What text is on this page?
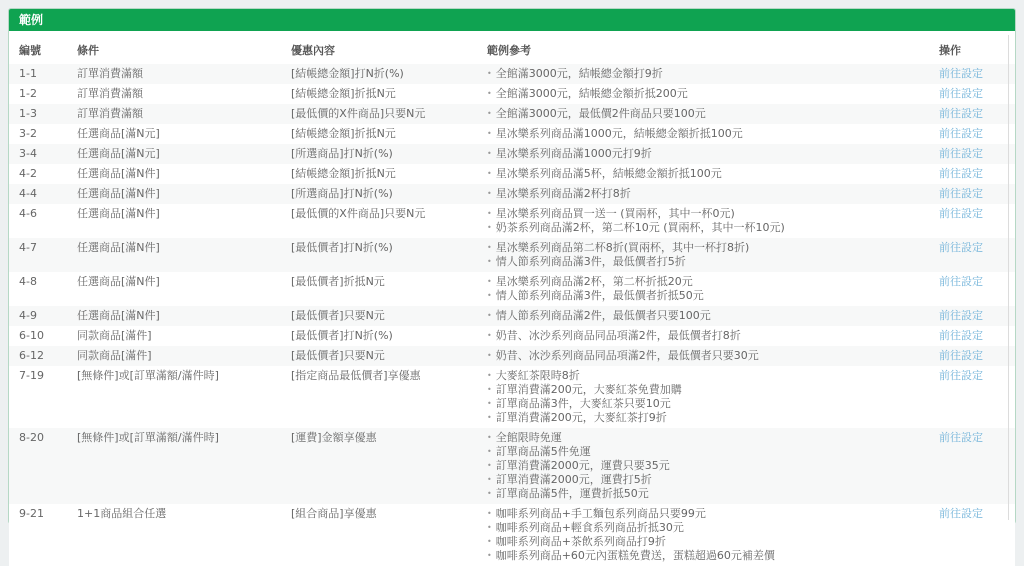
範例
編號	條件	優惠內容	範例參考	操作
1-1	訂單消費滿額	[結帳總金額]打N折(%)	• 全館滿3000元，結帳總金額打9折	前往設定
1-2	訂單消費滿額	[結帳總金額]折抵N元	• 全館滿3000元，結帳總金額折抵200元	前往設定
1-3	訂單消費滿額	[最低價的X件商品]只要N元	• 全館滿3000元，最低價2件商品只要100元	前往設定
3-2	任選商品[滿N元]	[結帳總金額]折抵N元	• 星冰樂系列商品滿1000元，結帳總金額折抵100元	前往設定
3-4	任選商品[滿N元]	[所選商品]打N折(%)	• 星冰樂系列商品滿1000元打9折	前往設定
4-2	任選商品[滿N件]	[結帳總金額]折抵N元	• 星冰樂系列商品滿5杯，結帳總金額折抵100元	前往設定
4-4	任選商品[滿N件]	[所選商品]打N折(%)	• 星冰樂系列商品滿2杯打8折	前往設定
4-6	任選商品[滿N件]	[最低價的X件商品]只要N元	• 星冰樂系列商品買一送一 (買兩杯，其中一杯0元)
• 奶茶系列商品滿2杯，第二杯10元 (買兩杯，其中一杯10元)	前往設定
4-7	任選商品[滿N件]	[最低價者]打N折(%)	• 星冰樂系列商品第二杯8折(買兩杯，其中一杯打8折)
• 情人節系列商品滿3件，最低價者打5折	前往設定
4-8	任選商品[滿N件]	[最低價者]折抵N元	• 星冰樂系列商品滿2杯，第二杯折抵20元
• 情人節系列商品滿3件，最低價者折抵50元	前往設定
4-9	任選商品[滿N件]	[最低價者]只要N元	• 情人節系列商品滿2件，最低價者只要100元	前往設定
6-10	同款商品[滿件]	[最低價者]打N折(%)	• 奶昔、冰沙系列商品同品項滿2件，最低價者打8折	前往設定
6-12	同款商品[滿件]	[最低價者]只要N元	• 奶昔、冰沙系列商品同品項滿2件，最低價者只要30元	前往設定
7-19	[無條件]或[訂單滿額/滿件時]	[指定商品最低價者]享優惠	• 大麥紅茶限時8折
• 訂單消費滿200元，大麥紅茶免費加購
• 訂單商品滿3件，大麥紅茶只要10元
• 訂單消費滿200元，大麥紅茶打9折	前往設定
8-20	[無條件]或[訂單滿額/滿件時]	[運費]金額享優惠	• 全館限時免運
• 訂單商品滿5件免運
• 訂單消費滿2000元，運費只要35元
• 訂單消費滿2000元，運費打5折
• 訂單商品滿5件，運費折抵50元	前往設定
9-21	1+1商品組合任選	[組合商品]享優惠	• 咖啡系列商品+手工麵包系列商品只要99元
• 咖啡系列商品+輕食系列商品折抵30元
• 咖啡系列商品+茶飲系列商品打9折
• 咖啡系列商品+60元內蛋糕免費送，蛋糕超過60元補差價	前往設定
